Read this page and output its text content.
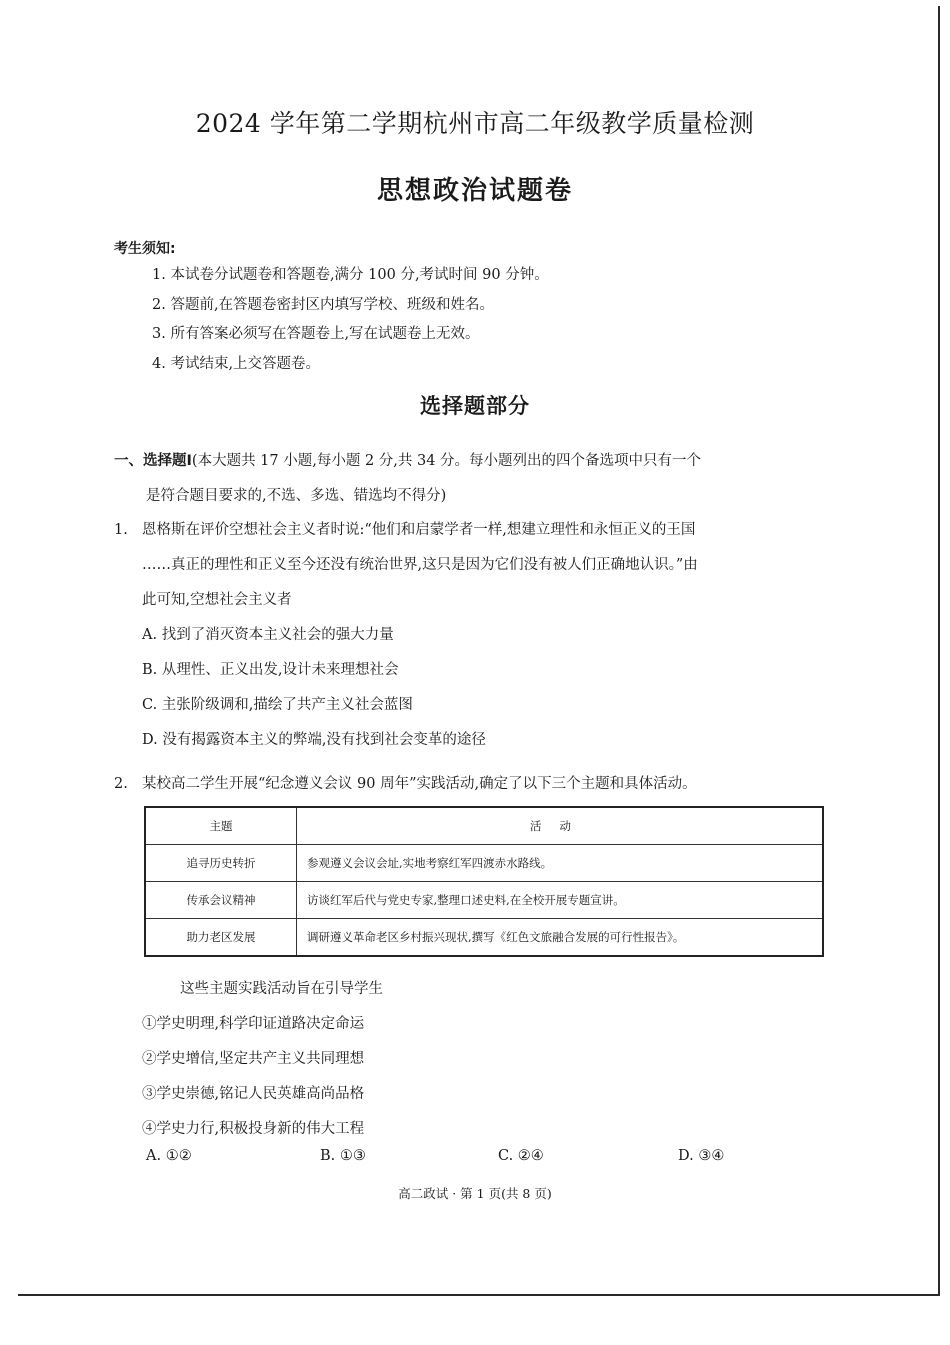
2024 学年第二学期杭州市高二年级教学质量检测
思想政治试题卷
考生须知:
1. 本试卷分试题卷和答题卷,满分 100 分,考试时间 90 分钟。
2. 答题前,在答题卷密封区内填写学校、班级和姓名。
3. 所有答案必须写在答题卷上,写在试题卷上无效。
4. 考试结束,上交答题卷。
选择题部分
一、选择题Ⅰ(本大题共 17 小题,每小题 2 分,共 34 分。每小题列出的四个备选项中只有一个
是符合题目要求的,不选、多选、错选均不得分)
1. 恩格斯在评价空想社会主义者时说:“他们和启蒙学者一样,想建立理性和永恒正义的王国
……真正的理性和正义至今还没有统治世界,这只是因为它们没有被人们正确地认识。”由
此可知,空想社会主义者
A. 找到了消灭资本主义社会的强大力量
B. 从理性、正义出发,设计未来理想社会
C. 主张阶级调和,描绘了共产主义社会蓝图
D. 没有揭露资本主义的弊端,没有找到社会变革的途径
2. 某校高二学生开展“纪念遵义会议 90 周年”实践活动,确定了以下三个主题和具体活动。
主题	活动
追寻历史转折	参观遵义会议会址,实地考察红军四渡赤水路线。
传承会议精神	访谈红军后代与党史专家,整理口述史料,在全校开展专题宣讲。
助力老区发展	调研遵义革命老区乡村振兴现状,撰写《红色文旅融合发展的可行性报告》。
这些主题实践活动旨在引导学生
①学史明理,科学印证道路决定命运
②学史增信,坚定共产主义共同理想
③学史崇德,铭记人民英雄高尚品格
④学史力行,积极投身新的伟大工程
A. ①②	B. ①③	C. ②④	D. ③④
高二政试 · 第 1 页(共 8 页)
